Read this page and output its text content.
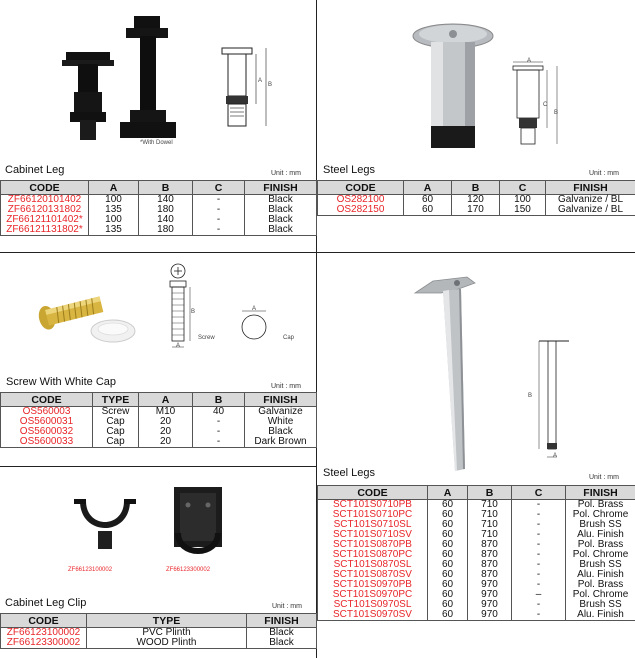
*With Dowel
A
B
Cabinet Leg	Unit : mm
CODE	A	B	C	FINISH
ZF66120101402	100	140	-	Black
ZF66120131802	135	180	-	Black
ZF66121101402*	100	140	-	Black
ZF66121131802*	135	180	-	Black
A
C
B
Steel Legs	Unit : mm
CODE	A	B	C	FINISH
OS282100	60	120	100	Galvanize / BL
OS282150	60	170	150	Galvanize / BL
B
A
Screw
A
Cap
Screw With White Cap	Unit : mm
CODE	TYPE	A	B	FINISH
OS560003	Screw	M10	40	Galvanize
OS5600031	Cap	20	-	White
OS5600032	Cap	20	-	Black
OS5600033	Cap	20	-	Dark Brown
B
A
Steel Legs	Unit : mm
CODE	A	B	C	FINISH
SCT101S0710PB	60	710	-	Pol. Brass
SCT101S0710PC	60	710	-	Pol. Chrome
SCT101S0710SL	60	710	-	Brush SS
SCT101S0710SV	60	710	-	Alu. Finish
SCT101S0870PB	60	870	-	Pol. Brass
SCT101S0870PC	60	870	-	Pol. Chrome
SCT101S0870SL	60	870	-	Brush SS
SCT101S0870SV	60	870	-	Alu. Finish
SCT101S0970PB	60	970	-	Pol. Brass
SCT101S0970PC	60	970	–	Pol. Chrome
SCT101S0970SL	60	970	-	Brush SS
SCT101S0970SV	60	970	-	Alu. Finish
ZF66123100002	ZF66123300002
Cabinet Leg Clip	Unit : mm
CODE	TYPE	FINISH
ZF66123100002	PVC Plinth	Black
ZF66123300002	WOOD Plinth	Black
